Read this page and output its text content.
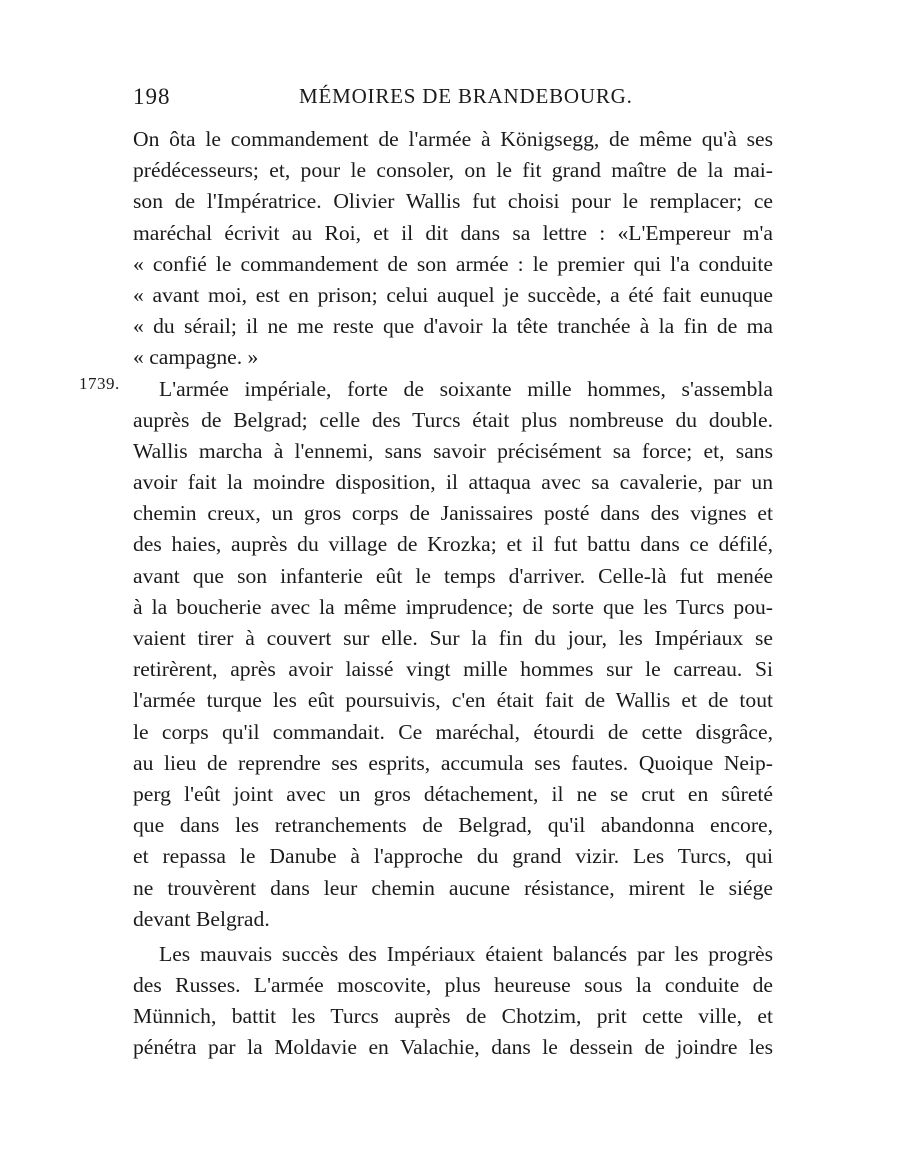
198	MÉMOIRES DE BRANDEBOURG.
1739.
On ôta le commandement de l'armée à Königsegg, de même qu'à ses
prédécesseurs; et, pour le consoler, on le fit grand maître de la mai-
son de l'Impératrice. Olivier Wallis fut choisi pour le remplacer; ce
maréchal écrivit au Roi, et il dit dans sa lettre : «L'Empereur m'a
« confié le commandement de son armée : le premier qui l'a conduite
« avant moi, est en prison; celui auquel je succède, a été fait eunuque
« du sérail; il ne me reste que d'avoir la tête tranchée à la fin de ma
« campagne. »
L'armée impériale, forte de soixante mille hommes, s'assembla
auprès de Belgrad; celle des Turcs était plus nombreuse du double.
Wallis marcha à l'ennemi, sans savoir précisément sa force; et, sans
avoir fait la moindre disposition, il attaqua avec sa cavalerie, par un
chemin creux, un gros corps de Janissaires posté dans des vignes et
des haies, auprès du village de Krozka; et il fut battu dans ce défilé,
avant que son infanterie eût le temps d'arriver. Celle-là fut menée
à la boucherie avec la même imprudence; de sorte que les Turcs pou-
vaient tirer à couvert sur elle. Sur la fin du jour, les Impériaux se
retirèrent, après avoir laissé vingt mille hommes sur le carreau. Si
l'armée turque les eût poursuivis, c'en était fait de Wallis et de tout
le corps qu'il commandait. Ce maréchal, étourdi de cette disgrâce,
au lieu de reprendre ses esprits, accumula ses fautes. Quoique Neip-
perg l'eût joint avec un gros détachement, il ne se crut en sûreté
que dans les retranchements de Belgrad, qu'il abandonna encore,
et repassa le Danube à l'approche du grand vizir. Les Turcs, qui
ne trouvèrent dans leur chemin aucune résistance, mirent le siége
devant Belgrad.
Les mauvais succès des Impériaux étaient balancés par les progrès
des Russes. L'armée moscovite, plus heureuse sous la conduite de
Münnich, battit les Turcs auprès de Chotzim, prit cette ville, et
pénétra par la Moldavie en Valachie, dans le dessein de joindre les
